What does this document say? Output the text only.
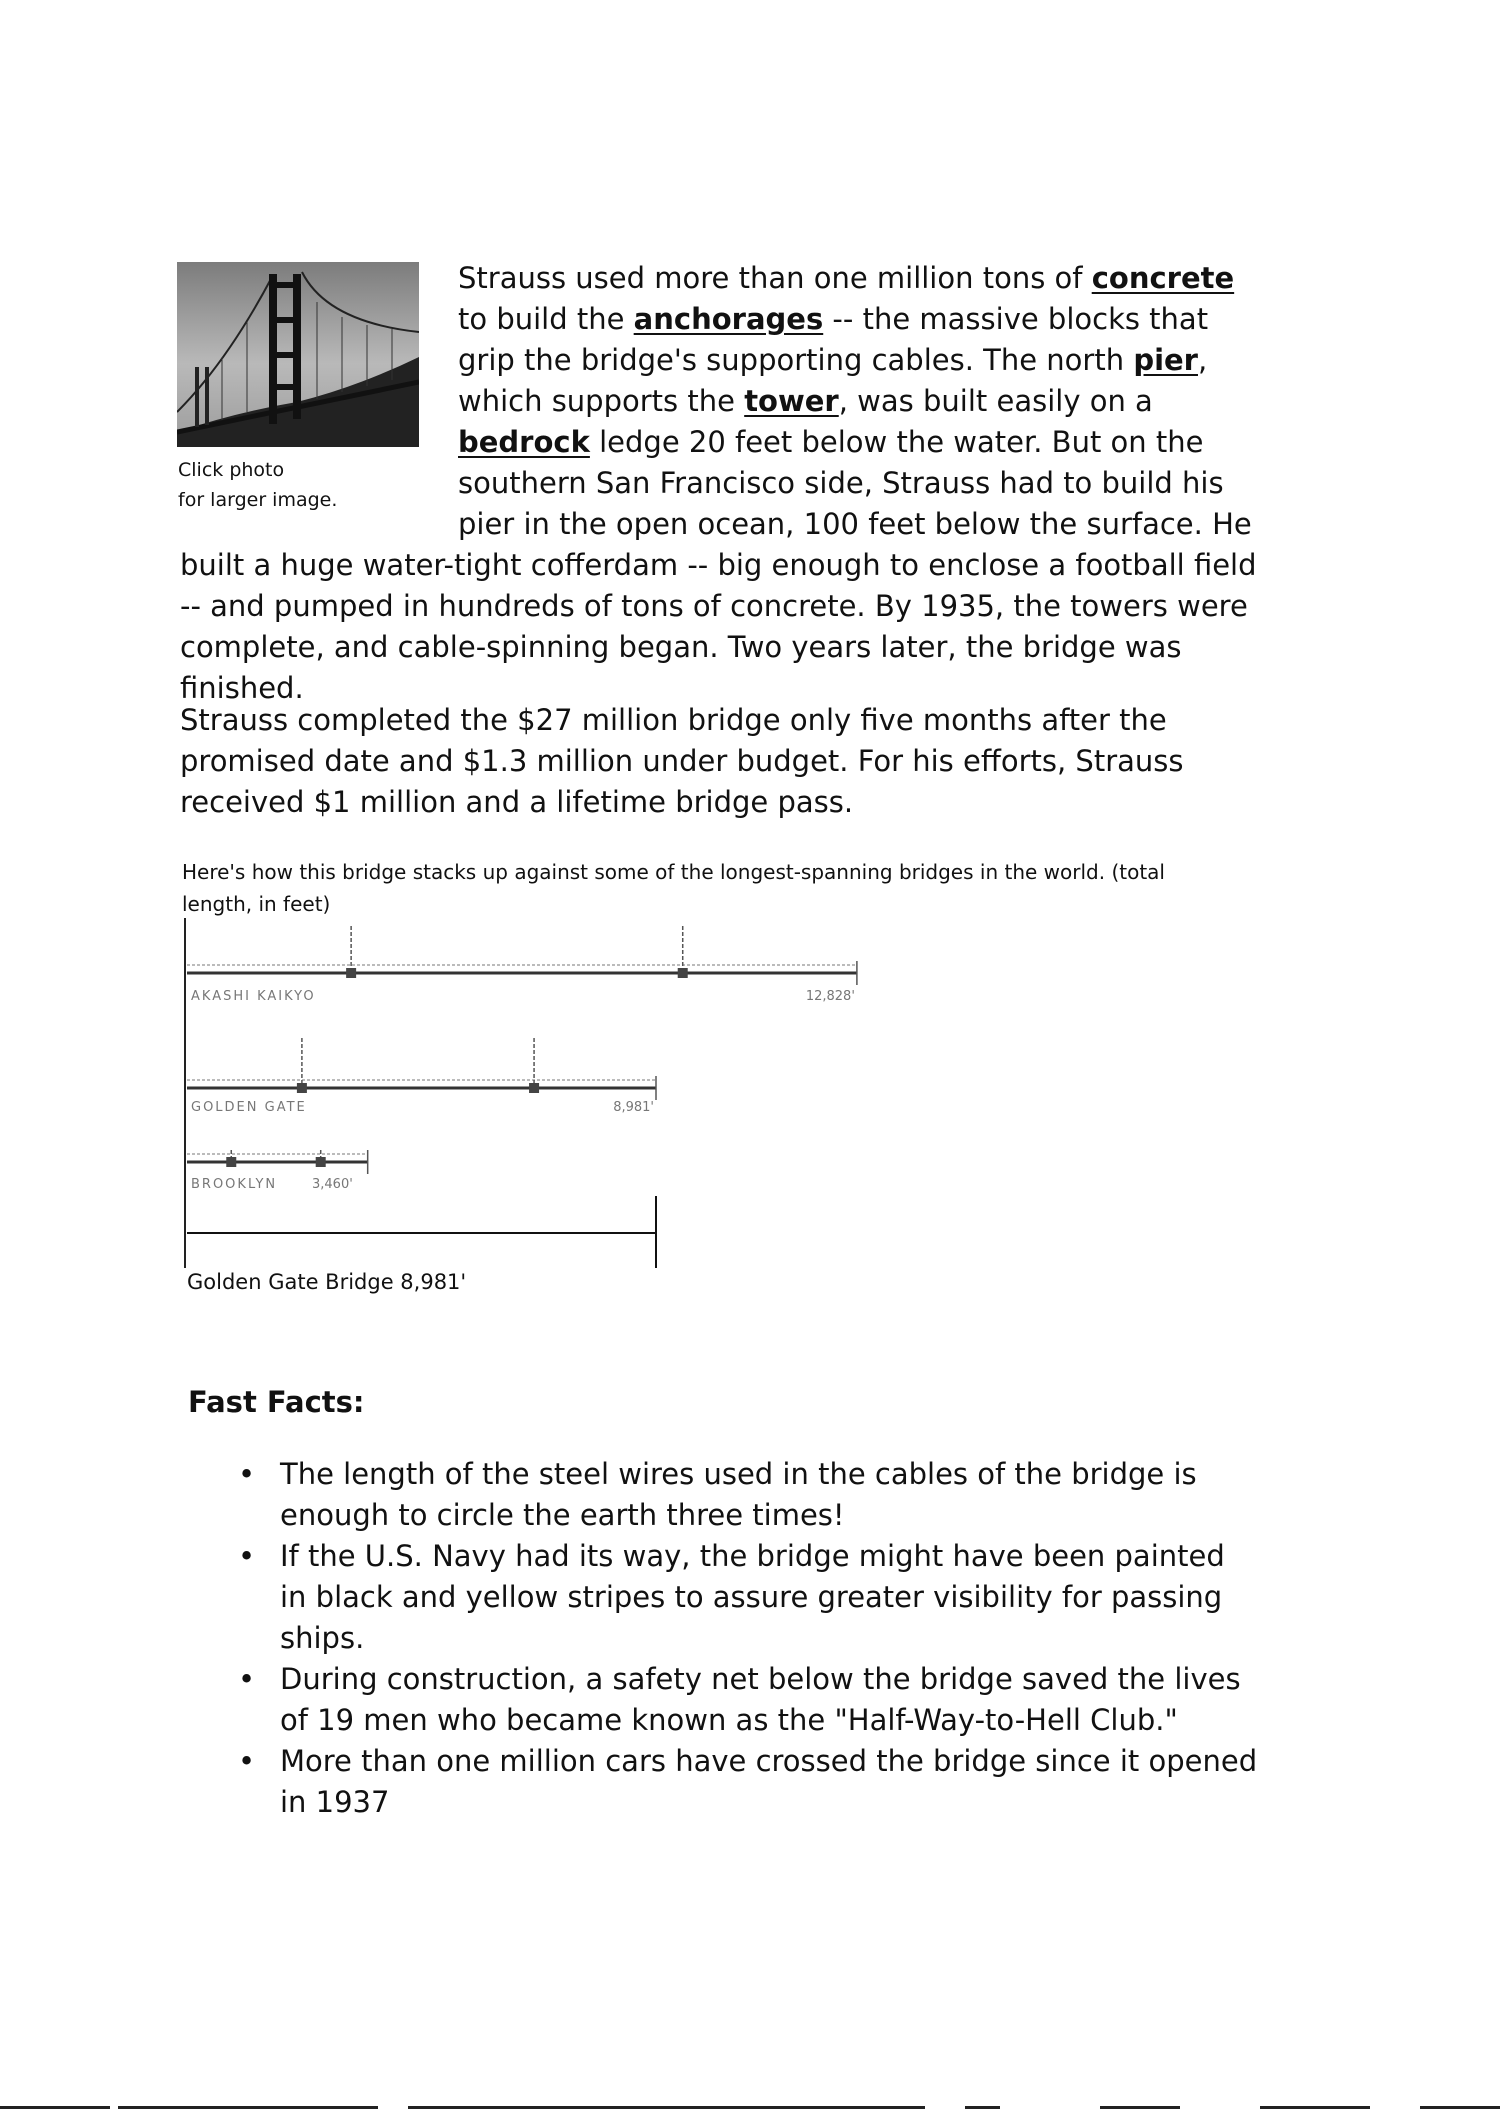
Click photo
for larger image.
Strauss used more than one million tons of concrete to build the anchorages -- the massive blocks that grip the bridge's supporting cables. The north pier, which supports the tower, was built easily on a bedrock ledge 20 feet below the water. But on the southern San Francisco side, Strauss had to build his pier in the open ocean, 100 feet below the surface. He built a huge water-tight cofferdam -- big enough to enclose a football field -- and pumped in hundreds of tons of concrete. By 1935, the towers were complete, and cable-spinning began. Two years later, the bridge was finished.
Strauss completed the $27 million bridge only five months after the promised date and $1.3 million under budget. For his efforts, Strauss received $1 million and a lifetime bridge pass.
Here's how this bridge stacks up against some of the longest-spanning bridges in the world. (total length, in feet)
AKASHI KAIKYO	12,828'
GOLDEN GATE	8,981'
BROOKLYN	3,460'
Golden Gate Bridge 8,981'
Fast Facts:
• The length of the steel wires used in the cables of the bridge is enough to circle the earth three times!
• If the U.S. Navy had its way, the bridge might have been painted in black and yellow stripes to assure greater visibility for passing ships.
• During construction, a safety net below the bridge saved the lives of 19 men who became known as the "Half-Way-to-Hell Club."
• More than one million cars have crossed the bridge since it opened in 1937
